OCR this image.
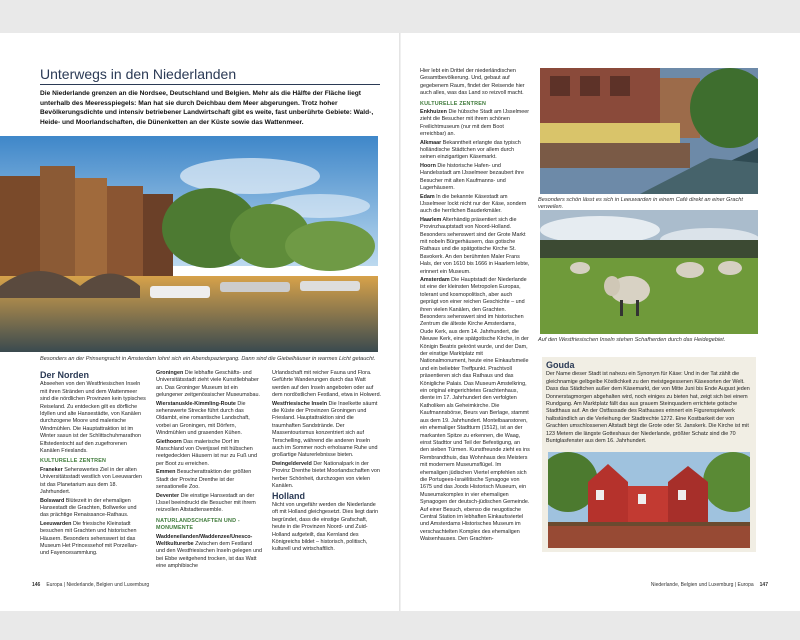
Unterwegs in den Niederlanden
Die Niederlande grenzen an die Nordsee, Deutschland und Belgien. Mehr als die Hälfte der Fläche liegt unterhalb des Meeresspiegels: Man hat sie durch Deichbau dem Meer abgerungen. Trotz hoher Bevölkerungsdichte und intensiv betriebener Landwirtschaft gibt es weite, fast unberührte Gebiete: Wald-, Heide- und Moorlandschaften, die Dünenketten an der Küste sowie das Wattenmeer.
Besonders an der Prinsengracht in Amsterdam lohnt sich ein Abendspaziergang. Dann sind die Giebelhäuser in warmes Licht getaucht.
Der Norden

Abseehen von den Westfriesischen Inseln mit ihren Stränden und dem Wattenmeer sind die nördlichen Provinzen kein typisches Reiseland. Zu entdecken gilt es dörfliche Idyllen und alte Hansestädte, von Kanälen durchzogene Moore und malerische Windmühlen. Die Hauptattraktion ist im Winter sasun ist der Schlittschuhmarathon Elfstedentocht auf den zugefrorenen Kanälen Frieslands.

KULTURELLE ZENTREN

Franeker Sehenswertes Ziel in der alten Universitätsstadt westlich von Leeuwarden ist das Planetarium aus dem 18. Jahrhundert.

Bolsward Blütezeit in der ehemaligen Hansestadt die Grachten, Bollwerke und das prächtige Renaissance-Rathaus.

Leeuwarden Die friesische Kleinstadt besuchen mit Grachten und historischen Häusern. Besonders sehenswert ist das Museum Het Princessehof mit Porzellan- und Fayencesammlung.

Groningen Die lebhafte Geschäfts- und Universitätsstadt zieht viele Kunstliebhaber an. Das Groninger Museum ist ein gelungener zeitgenössischer Museumsbau.

Wierstanuskle-Kimmling-Route Die sehenswerte Strecke führt durch das Oldambt, eine romantische Landschaft, vorbei an Groningen, mit Dörfern, Windmühlen und grasenden Kühen.

Giethoorn Das malerische Dorf im Marschland von Overijssel mit hübschen reetgedeckten Häusern ist nur zu Fuß und per Boot zu erreichen.

Emmen Besucherattraktion der größten Stadt der Provinz Drenthe ist der sensationelle Zoo.

Deventer Die einstige Hansestadt an der IJssel beeindruckt die Besucher mit ihrem reizvollen Altstadtensemble.

NATURLANDSCHAFTEN UND -MONUMENTE

Waddeneilanden/Waddenzee/Unesco-Weltkulturerbe Zwischen dem Festland und den Westfriesischen Inseln gelegen und bei Ebbe weitgehend trocken, ist das Watt eine amphibische

Urlandschaft mit reicher Fauna und Flora. Geführte Wanderungen durch das Watt werden auf den Inseln angeboten oder auf dem nordöstlichen Festland, etwa in Holwerd.

Westfriesische Inseln Die Inselkette säumt die Küste der Provinzen Groningen und Friesland. Hauptattraktion sind die traumhaften Sandstrände. Der Massentourismus konzentriert sich auf Terschelling, während die anderen Inseln auch im Sommer noch erholsame Ruhe und großartige Naturerlebnisse bieten.

Dwingelderveld Der Nationalpark in der Provinz Drenthe bietet Moorlandschaften von herber Schönheit, durchzogen von vielen Kanälen.

Holland

Nicht von ungefähr werden die Niederlande oft mit Holland gleichgesetzt. Dies liegt darin begründet, dass die einstige Grafschaft, heute in die Provinzen Noord- und Zuid-Holland aufgeteilt, das Kernland des Königreichs bildet – historisch, politisch, kulturell und wirtschaftlich.

146 Europa | Niederlande, Belgien und Luxemburg

Hier lebt ein Drittel der niederländischen Gesamtbevölkerung. Und, gebaut auf gegebenem Raum, findet der Reisende hier auch alles, was das Land so reizvoll macht.

KULTURELLE ZENTREN

Enkhuizen Die hübsche Stadt am IJsselmeer zieht die Besucher mit ihrem schönen Freilichtmuseum (nur mit dem Boot erreichbar) an.

Alkmaar Bekanntheit erlangte das typisch holländische Städtchen vor allem durch seinen einzigartigen Käsemarkt.

Hoorn Die historische Hafen- und Handelsstadt am IJsselmeer bezaubert ihre Besucher mit alten Kaufmanns- und Lagerhäusern.

Edam In die bekannte Käsestadt am IJsselmeer lockt nicht nur der Käse, sondern auch die herrlichen Bauderkmäler.

Haarlem Alterhändig präsentiert sich die Provinzhauptstadt von Noord-Holland. Besonders sehenswert sind der Grote Markt mit nobeln Bürgerhäusern, das gotische Rathaus und die spätgotische Kirche St. Bavokerk. An den berühmten Maler Frans Hals, der von 1610 bis 1666 in Haarlem lebte, erinnert ein Museum.

Amsterdam Die Hauptstadt der Niederlande ist eine der kleinsten Metropolen Europas, tolerant und kosmopolitisch, aber auch geprägt von einer reichen Geschichte – und ihren vielen Kanälen, den Grachten. Besonders sehenswert sind im historischen Zentrum die älteste Kirche Amsterdams, Oude Kerk, aus dem 14. Jahrhundert, die Nieuwe Kerk, eine spätgotische Kirche, in der Königin Beatrix gekrönt wurde, und der Dam, der einstige Marktplatz mit Nationalmonument, heute eine Einkaufsmeile und ein beliebter Treffpunkt. Prachtvoll präsentieren sich das Rathaus und das Königliche Palais. Das Museum Amstelkring, ein original eingerichtetes Grachtenhaus, diente im 17. Jahrhundert den verfolgten Katholiken als Geheimkirche. Die Kaufmannsbörse, Beurs van Berlage, stammt aus dem 19. Jahrhundert. Montelbaanstoren, ein ehemaliger Stadtturm (1512), ist an der markanten Spitze zu erkennen, die Waag, einst Stadttor und Teil der Befestigung, an den sieben Türmen. Kunstfreunde zieht es ins Rembrandthuis, das Wohnhaus des Meisters mit modernem Museumsflügel. Im ehemaligen jüdischen Viertel empfehlen sich die Portugees-Israëlitische Synagoge von 1675 und das Joods Historisch Museum, ein Museumskomplex in vier ehemaligen Synagogen der deutsch-jüdischen Gemeinde. Auf einer Besuch, ebenso die neugotische Central Station im lebhaften Einkaufsviertel und Amsterdams Historisches Museum im verschachtelten Komplex des ehemaligen Waisenhauses. Den Grachten-

Besonders schön lässt es sich in Leeuwarden in einem Café direkt an einer Gracht verweilen.
Auf den Westfriesischen Inseln stehen Schafherden durch das Heidegebiet.
Gouda

Der Name dieser Stadt ist nahezu ein Synonym für Käse: Und in der Tat zählt die gleichnamige gelbgelbe Köstlichkeit zu den meistgegessenen Käsesorten der Welt. Dass das Städtchen außer dem Käsemarkt, der von Mitte Juni bis Ende August jeden Donnerstagmorgen abgehalten wird, noch einiges zu bieten hat, zeigt sich bei einem Rundgang. Am Marktplatz fällt das aus grauem Steinquadern errichtete gotische Stadthaus auf. An der Ostfassade des Rathauses erinnert ein Figurenspielwerk halbstündlich an die Verleihung der Stadtrechte 1272. Eine Kostbarkeit der von Grachten umschlossenen Altstadt birgt die Grote oder St. Janskerk. Die Kirche ist mit 123 Metern die längste Gotteshaus der Niederlande, größter Schatz sind die 70 Buntglasfenster aus dem 16. Jahrhundert.

Niederlande, Belgien und Luxemburg | Europa 147
